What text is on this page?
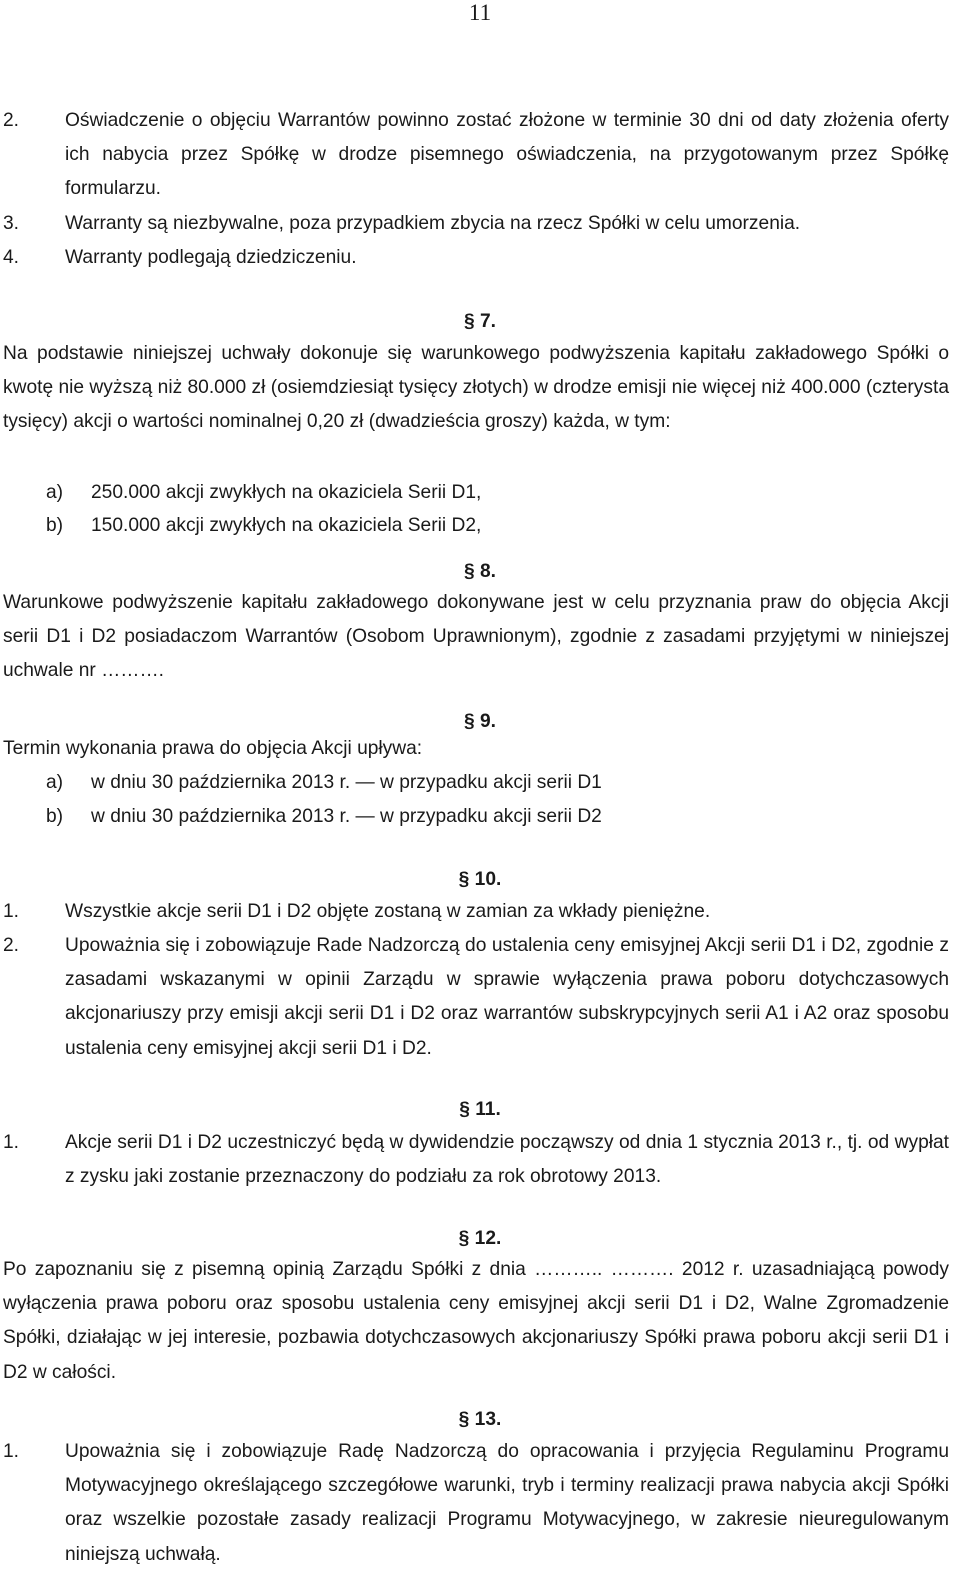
11
2. Oświadczenie o objęciu Warrantów powinno zostać złożone w terminie 30 dni od daty złożenia oferty ich nabycia przez Spółkę w drodze pisemnego oświadczenia, na przygotowanym przez Spółkę formularzu.
3. Warranty są niezbywalne, poza przypadkiem zbycia na rzecz Spółki w celu umorzenia.
4. Warranty podlegają dziedziczeniu.
§ 7.

Na podstawie niniejszej uchwały dokonuje się warunkowego podwyższenia kapitału zakładowego Spółki o kwotę nie wyższą niż 80.000 zł (osiemdziesiąt tysięcy złotych) w drodze emisji nie więcej niż 400.000 (czterysta tysięcy) akcji o wartości nominalnej 0,20 zł (dwadzieścia groszy) każda, w tym:

a) 250.000 akcji zwykłych na okaziciela Serii D1,
b) 150.000 akcji zwykłych na okaziciela Serii D2,
§ 8.

Warunkowe podwyższenie kapitału zakładowego dokonywane jest w celu przyznania praw do objęcia Akcji serii D1 i D2 posiadaczom Warrantów (Osobom Uprawnionym), zgodnie z zasadami przyjętymi w niniejszej uchwale nr ……….

§ 9.

Termin wykonania prawa do objęcia Akcji upływa:

a) w dniu 30 października 2013 r. — w przypadku akcji serii D1
b) w dniu 30 października 2013 r. — w przypadku akcji serii D2
§ 10.
1. Wszystkie akcje serii D1 i D2 objęte zostaną w zamian za wkłady pieniężne.
2. Upoważnia się i zobowiązuje Rade Nadzorczą do ustalenia ceny emisyjnej Akcji serii D1 i D2, zgodnie z zasadami wskazanymi w opinii Zarządu w sprawie wyłączenia prawa poboru dotychczasowych akcjonariuszy przy emisji akcji serii D1 i D2 oraz warrantów subskrypcyjnych serii A1 i A2 oraz sposobu ustalenia ceny emisyjnej akcji serii D1 i D2.
§ 11.
1. Akcje serii D1 i D2 uczestniczyć będą w dywidendzie począwszy od dnia 1 stycznia 2013 r., tj. od wypłat z zysku jaki zostanie przeznaczony do podziału za rok obrotowy 2013.
§ 12.

Po zapoznaniu się z pisemną opinią Zarządu Spółki z dnia ……….. ………. 2012 r. uzasadniającą powody wyłączenia prawa poboru oraz sposobu ustalenia ceny emisyjnej akcji serii D1 i D2, Walne Zgromadzenie Spółki, działając w jej interesie, pozbawia dotychczasowych akcjonariuszy Spółki prawa poboru akcji serii D1 i D2 w całości.

§ 13.
1. Upoważnia się i zobowiązuje Radę Nadzorczą do opracowania i przyjęcia Regulaminu Programu Motywacyjnego określającego szczegółowe warunki, tryb i terminy realizacji prawa nabycia akcji Spółki oraz wszelkie pozostałe zasady realizacji Programu Motywacyjnego, w zakresie nieuregulowanym niniejszą uchwałą.
